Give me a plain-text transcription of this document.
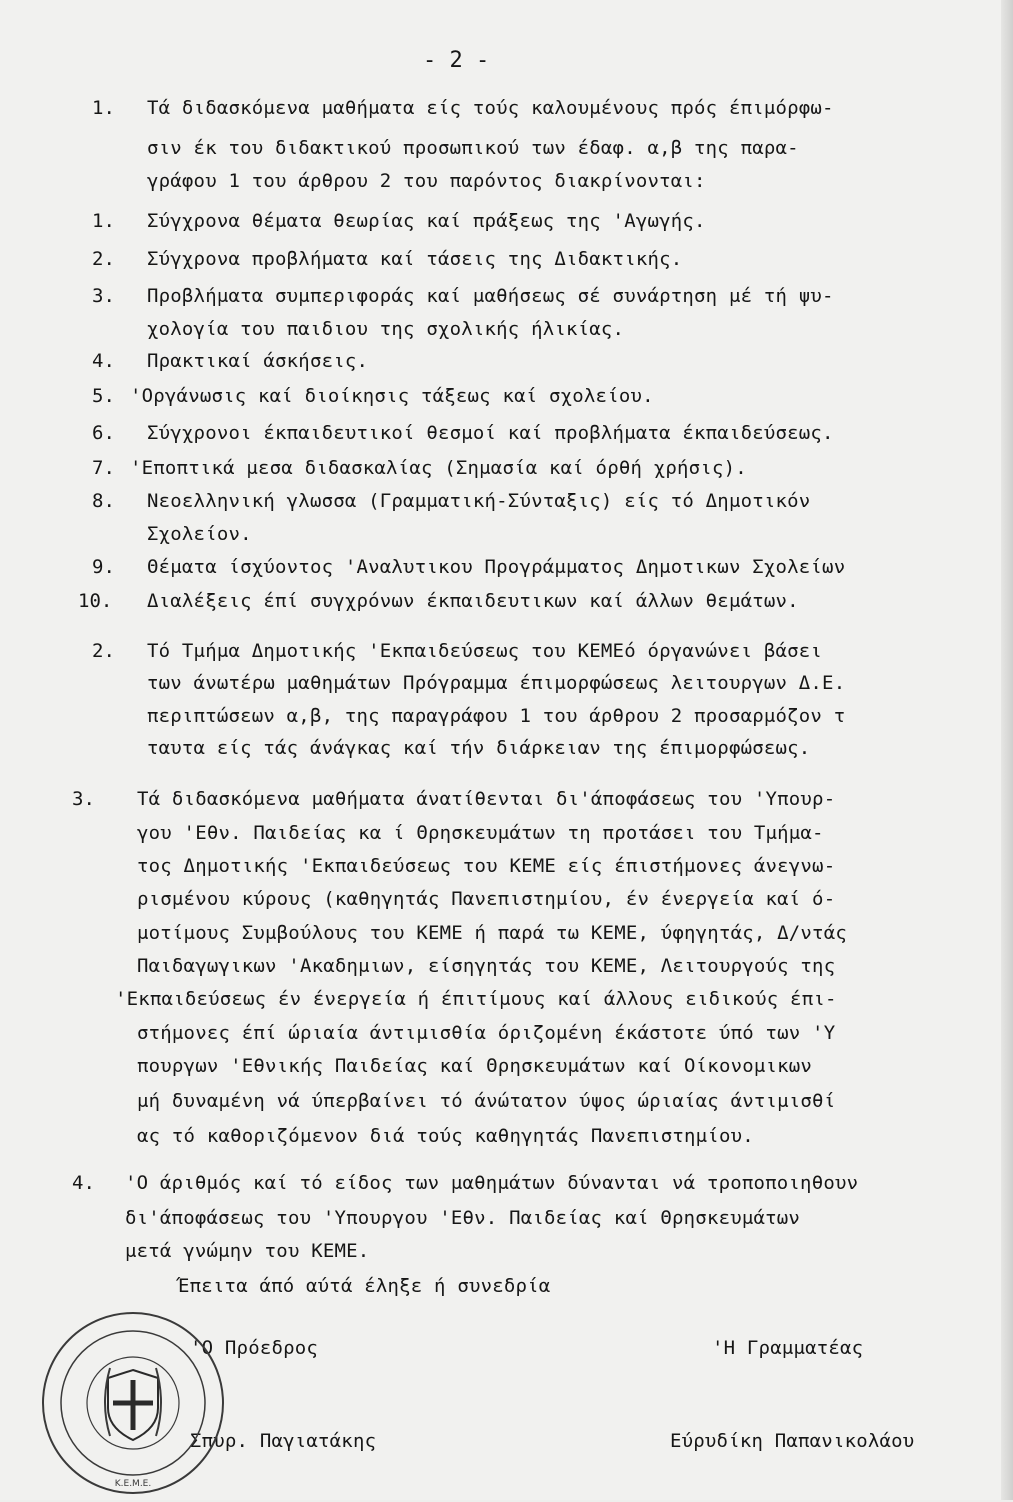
- 2 -
1. Τά διδασκόμενα μαθήματα είς τούς καλουμένους πρός έπιμόρφω-
σιν έκ του διδακτικού προσωπικού των έδαφ. α,β της παρα-
γράφου 1 του άρθρου 2 του παρόντος διακρίνονται:
1. Σύγχρονα θέματα θεωρίας καί πράξεως της 'Αγωγής.
2. Σύγχρονα προβλήματα καί τάσεις της Διδακτικής.
3. Προβλήματα συμπεριφοράς καί μαθήσεως σέ συνάρτηση μέ τή ψυ-
χολογία του παιδιου της σχολικής ήλικίας.
4. Πρακτικαί άσκήσεις.
5. 'Οργάνωσις καί διοίκησις τάξεως καί σχολείου.
6. Σύγχρονοι έκπαιδευτικοί θεσμοί καί προβλήματα έκπαιδεύσεως.
7. 'Εποπτικά μεσα διδασκαλίας (Σημασία καί όρθή χρήσις).
8. Νεοελληνική γλωσσα (Γραμματική-Σύνταξις) είς τό Δημοτικόν
Σχολείον.
9. Θέματα ίσχύοντος 'Αναλυτικου Προγράμματος Δημοτικων Σχολείων
10. Διαλέξεις έπί συγχρόνων έκπαιδευτικων καί άλλων θεμάτων.
2. Τό Τμήμα Δημοτικής 'Εκπαιδεύσεως του ΚΕΜΕό όργανώνει βάσει
των άνωτέρω μαθημάτων Πρόγραμμα έπιμορφώσεως λειτουργων Δ.Ε.
περιπτώσεων α,β, της παραγράφου 1 του άρθρου 2 προσαρμόζον τ
ταυτα είς τάς άνάγκας καί τήν διάρκειαν της έπιμορφώσεως.
3. Τά διδασκόμενα μαθήματα άνατίθενται δι'άποφάσεως του 'Υπουρ-
γου 'Εθν. Παιδείας κα ί Θρησκευμάτων τη προτάσει του Τμήμα-
τος Δημοτικής 'Εκπαιδεύσεως του ΚΕΜΕ είς έπιστήμονες άνεγνω-
ρισμένου κύρους (καθηγητάς Πανεπιστημίου, έν ένεργεία καί ό-
μοτίμους Συμβούλους του ΚΕΜΕ ή παρά τω ΚΕΜΕ, ύφηγητάς, Δ/ντάς
Παιδαγωγικων 'Ακαδημιων, είσηγητάς του ΚΕΜΕ, Λειτουργούς της
'Εκπαιδεύσεως έν ένεργεία ή έπιτίμους καί άλλους ειδικούς έπι-
στήμονες έπί ώριαία άντιμισθία όριζομένη έκάστοτε ύπό των 'Υ
πουργων 'Εθνικής Παιδείας καί Θρησκευμάτων καί Οίκονομικων
μή δυναμένη νά ύπερβαίνει τό άνώτατον ύψος ώριαίας άντιμισθί
ας τό καθοριζόμενον διά τούς καθηγητάς Πανεπιστημίου.
4. 'Ο άριθμός καί τό είδος των μαθημάτων δύνανται νά τροποποιηθουν
δι'άποφάσεως του 'Υπουργου 'Εθν. Παιδείας καί Θρησκευμάτων
μετά γνώμην του ΚΕΜΕ.
Έπειτα άπό αύτά έληξε ή συνεδρία
'Ο Πρόεδρος	'Η Γραμματέας
Σπυρ. Παγιατάκης	Εύρυδίκη Παπανικολάου
Κ.Ε.Μ.Ε.
